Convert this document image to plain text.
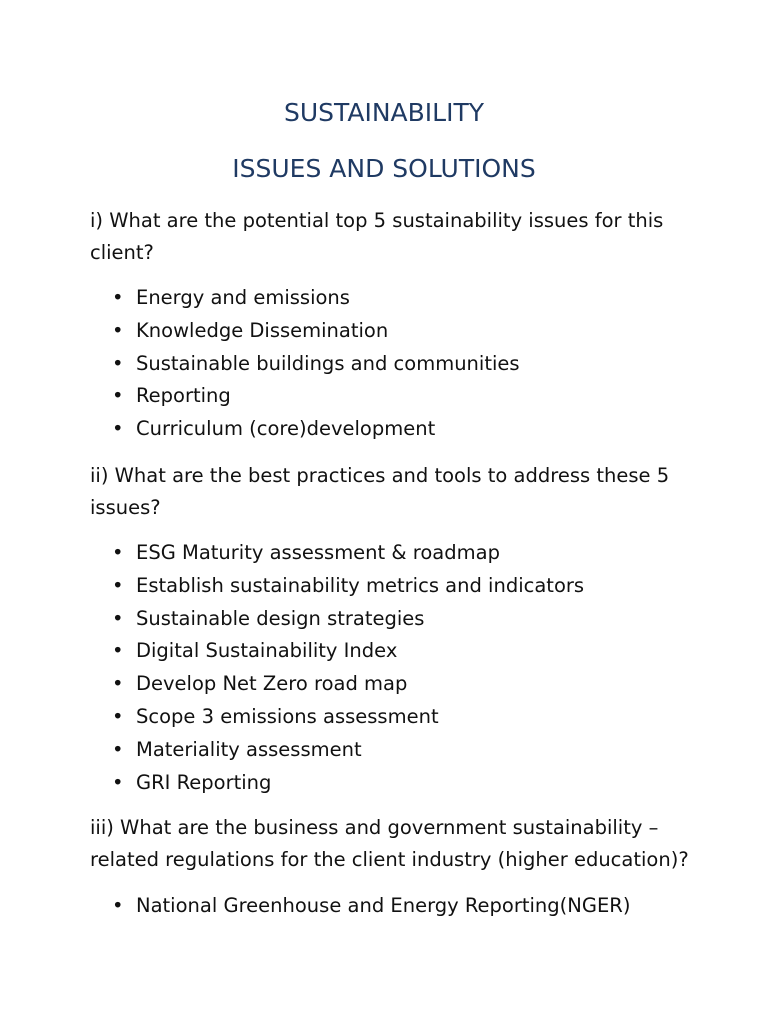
SUSTAINABILITY
ISSUES AND SOLUTIONS

i) What are the potential top 5 sustainability issues for this client?

• Energy and emissions
• Knowledge Dissemination
• Sustainable buildings and communities
• Reporting
• Curriculum (core)development

ii) What are the best practices and tools to address these 5 issues?

• ESG Maturity assessment & roadmap
• Establish sustainability metrics and indicators
• Sustainable design strategies
• Digital Sustainability Index
• Develop Net Zero road map
• Scope 3 emissions assessment
• Materiality assessment
• GRI Reporting

iii) What are the business and government sustainability – related regulations for the client industry (higher education)?

• National Greenhouse and Energy Reporting(NGER)
